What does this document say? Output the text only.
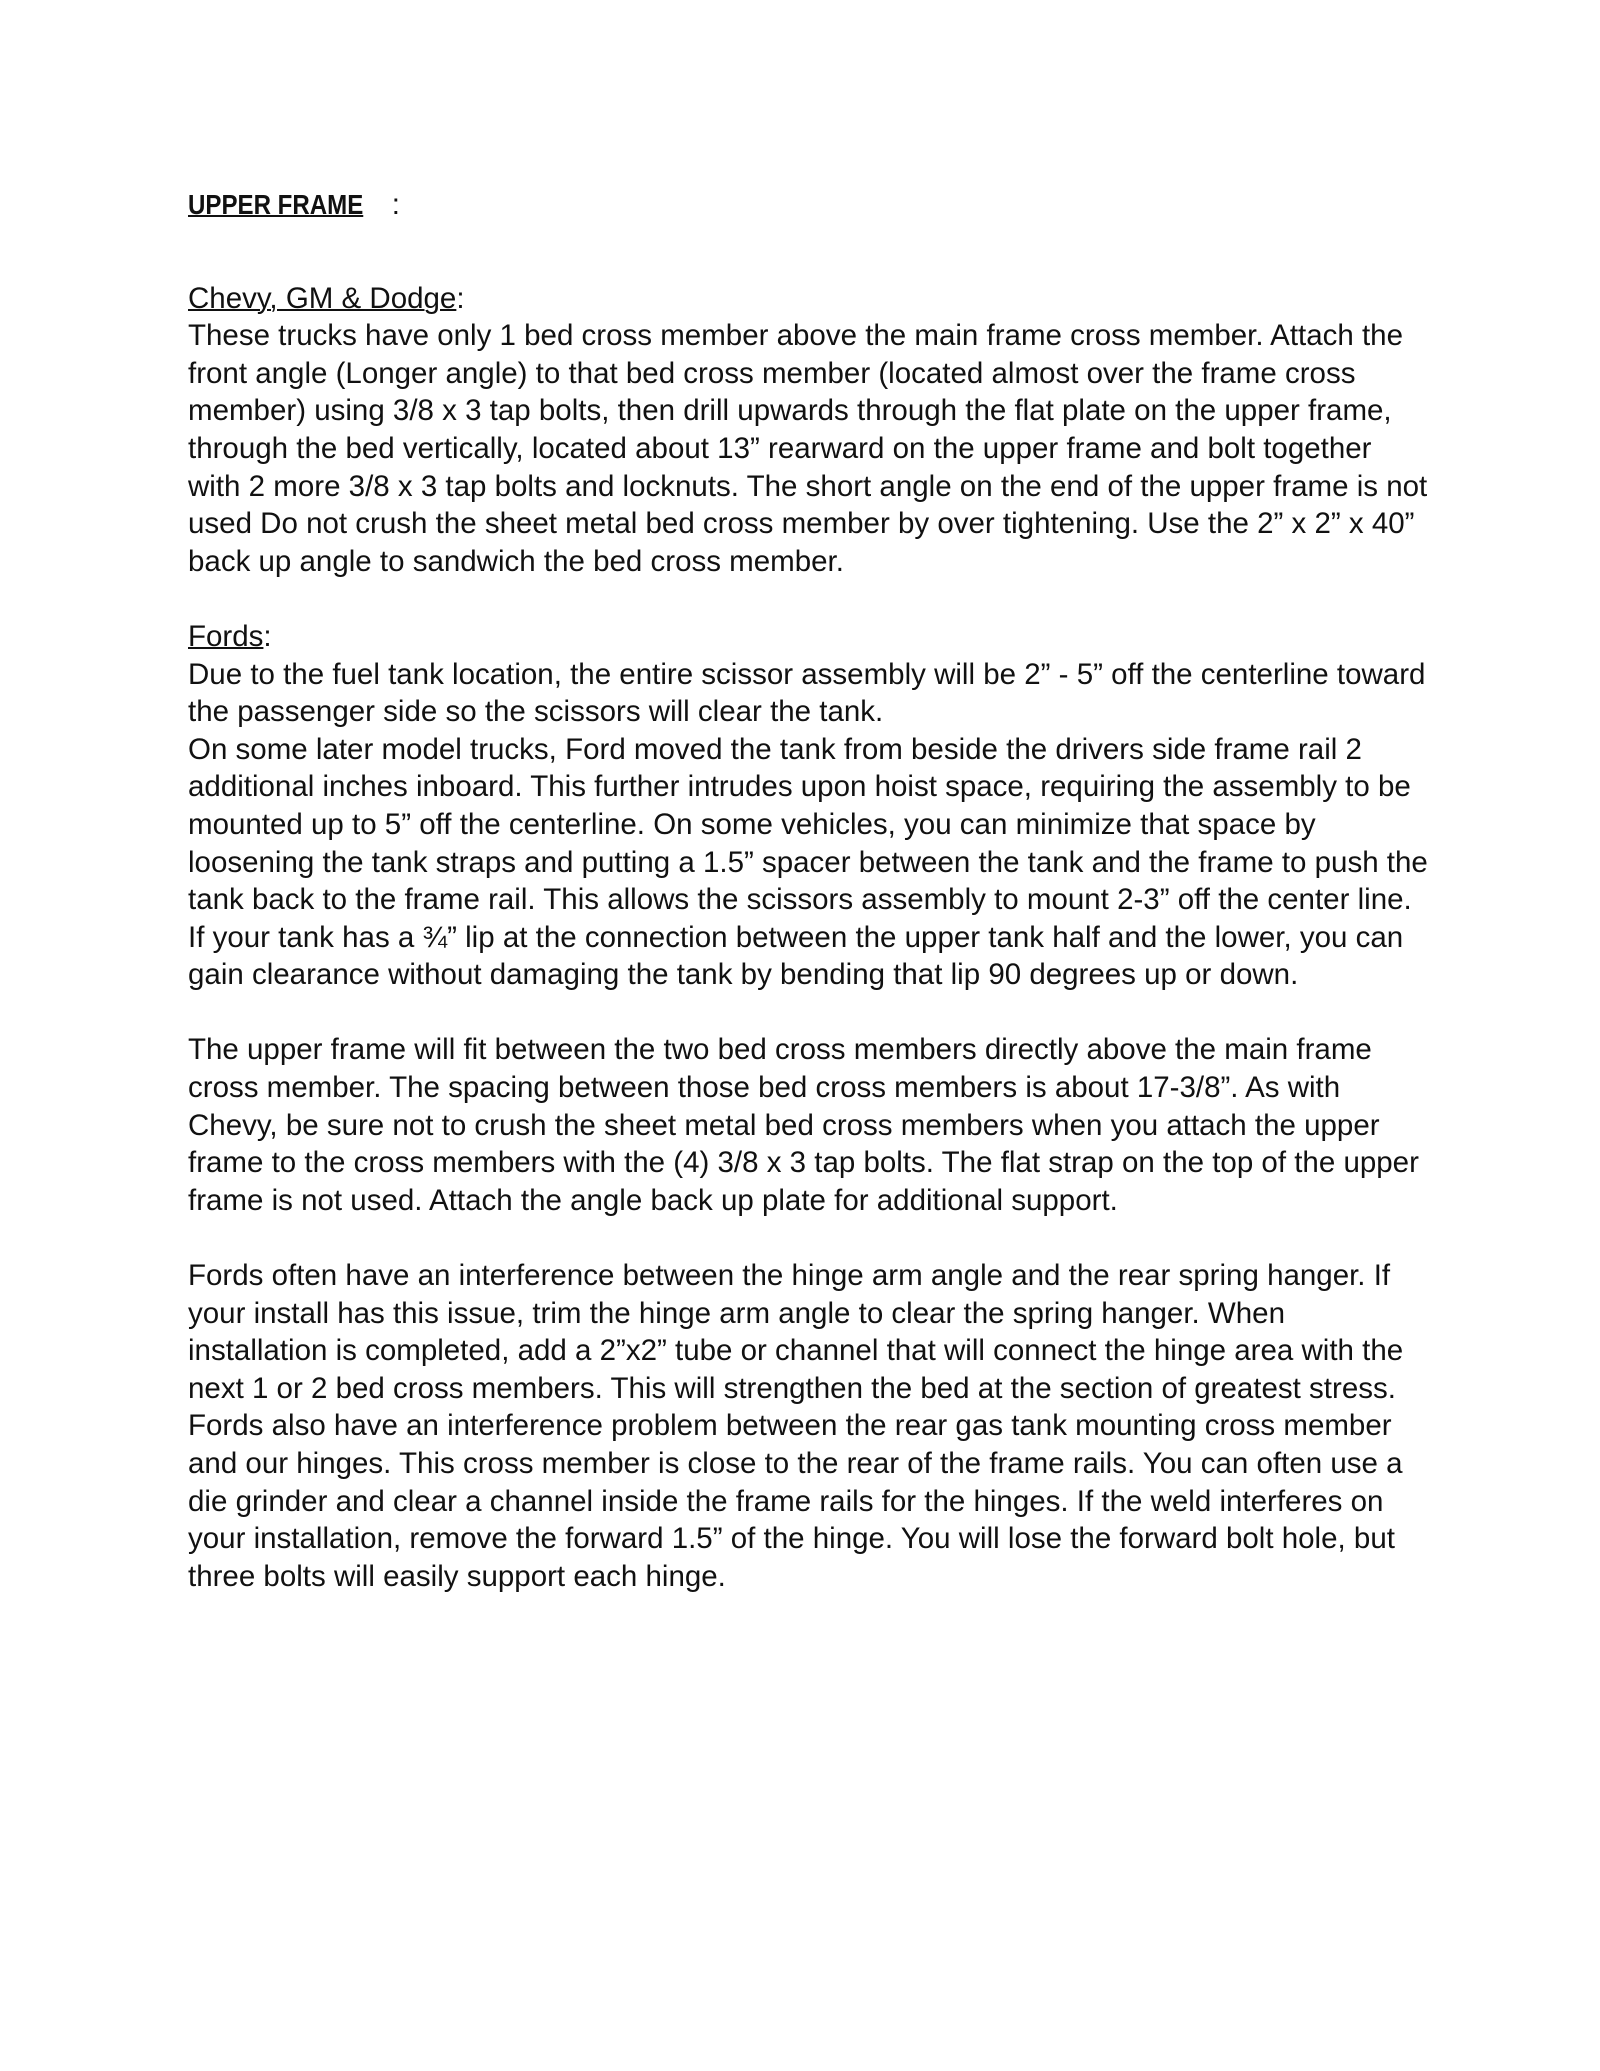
UPPER FRAME :
Chevy, GM & Dodge:

These trucks have only 1 bed cross member above the main frame cross member. Attach the front angle (Longer angle) to that bed cross member (located almost over the frame cross member) using 3/8 x 3 tap bolts, then drill upwards through the flat plate on the upper frame, through the bed vertically, located about 13” rearward on the upper frame and bolt together with 2 more 3/8 x 3 tap bolts and locknuts. The short angle on the end of the upper frame is not used Do not crush the sheet metal bed cross member by over tightening. Use the 2” x 2” x 40” back up angle to sandwich the bed cross member.

Fords:

Due to the fuel tank location, the entire scissor assembly will be 2” - 5” off the centerline toward the passenger side so the scissors will clear the tank.

On some later model trucks, Ford moved the tank from beside the drivers side frame rail 2 additional inches inboard. This further intrudes upon hoist space, requiring the assembly to be mounted up to 5” off the centerline. On some vehicles, you can minimize that space by loosening the tank straps and putting a 1.5” spacer between the tank and the frame to push the tank back to the frame rail. This allows the scissors assembly to mount 2-3” off the center line. If your tank has a ¾” lip at the connection between the upper tank half and the lower, you can gain clearance without damaging the tank by bending that lip 90 degrees up or down.

The upper frame will fit between the two bed cross members directly above the main frame cross member. The spacing between those bed cross members is about 17-3/8”. As with Chevy, be sure not to crush the sheet metal bed cross members when you attach the upper frame to the cross members with the (4) 3/8 x 3 tap bolts. The flat strap on the top of the upper frame is not used. Attach the angle back up plate for additional support.

Fords often have an interference between the hinge arm angle and the rear spring hanger. If your install has this issue, trim the hinge arm angle to clear the spring hanger. When installation is completed, add a 2”x2” tube or channel that will connect the hinge area with the next 1 or 2 bed cross members. This will strengthen the bed at the section of greatest stress. Fords also have an interference problem between the rear gas tank mounting cross member and our hinges. This cross member is close to the rear of the frame rails. You can often use a die grinder and clear a channel inside the frame rails for the hinges. If the weld interferes on your installation, remove the forward 1.5” of the hinge. You will lose the forward bolt hole, but three bolts will easily support each hinge.
